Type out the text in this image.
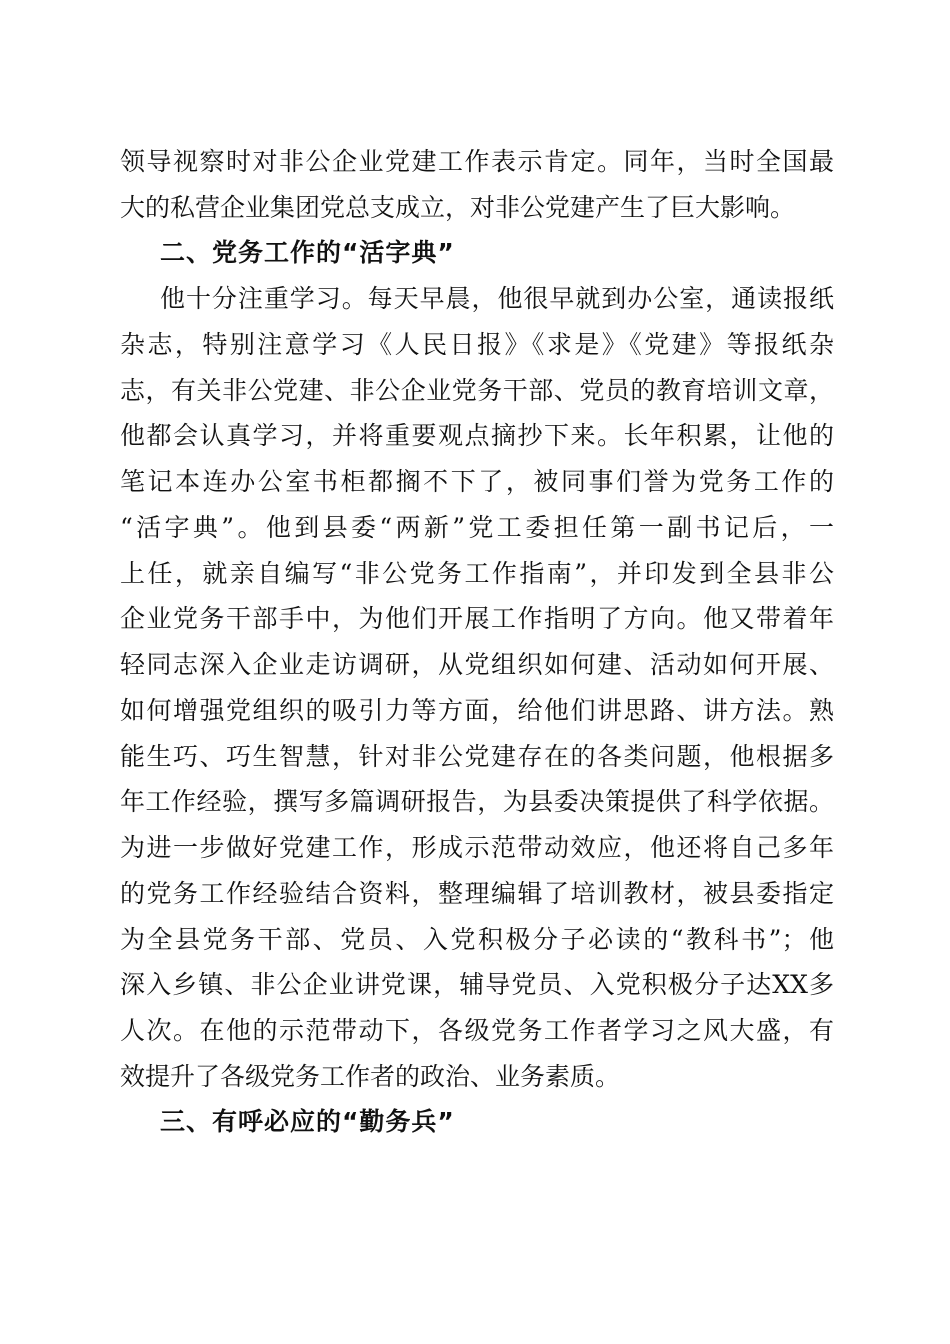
领导视察时对非公企业党建工作表示肯定。同年，当时全国最

大的私营企业集团党总支成立，对非公党建产生了巨大影响。

二、党务工作的“活字典”

他十分注重学习。每天早晨，他很早就到办公室，通读报纸

杂志，特别注意学习《人民日报》《求是》《党建》等报纸杂

志，有关非公党建、非公企业党务干部、党员的教育培训文章，

他都会认真学习，并将重要观点摘抄下来。长年积累，让他的

笔记本连办公室书柜都搁不下了，被同事们誉为党务工作的

“活字典”。他到县委“两新”党工委担任第一副书记后，一

上任，就亲自编写“非公党务工作指南”，并印发到全县非公

企业党务干部手中，为他们开展工作指明了方向。他又带着年

轻同志深入企业走访调研，从党组织如何建、活动如何开展、

如何增强党组织的吸引力等方面，给他们讲思路、讲方法。熟

能生巧、巧生智慧，针对非公党建存在的各类问题，他根据多

年工作经验，撰写多篇调研报告，为县委决策提供了科学依据。

为进一步做好党建工作，形成示范带动效应，他还将自己多年

的党务工作经验结合资料，整理编辑了培训教材，被县委指定

为全县党务干部、党员、入党积极分子必读的“教科书”；他

深入乡镇、非公企业讲党课，辅导党员、入党积极分子达XX多

人次。在他的示范带动下，各级党务工作者学习之风大盛，有

效提升了各级党务工作者的政治、业务素质。

三、有呼必应的“勤务兵”
